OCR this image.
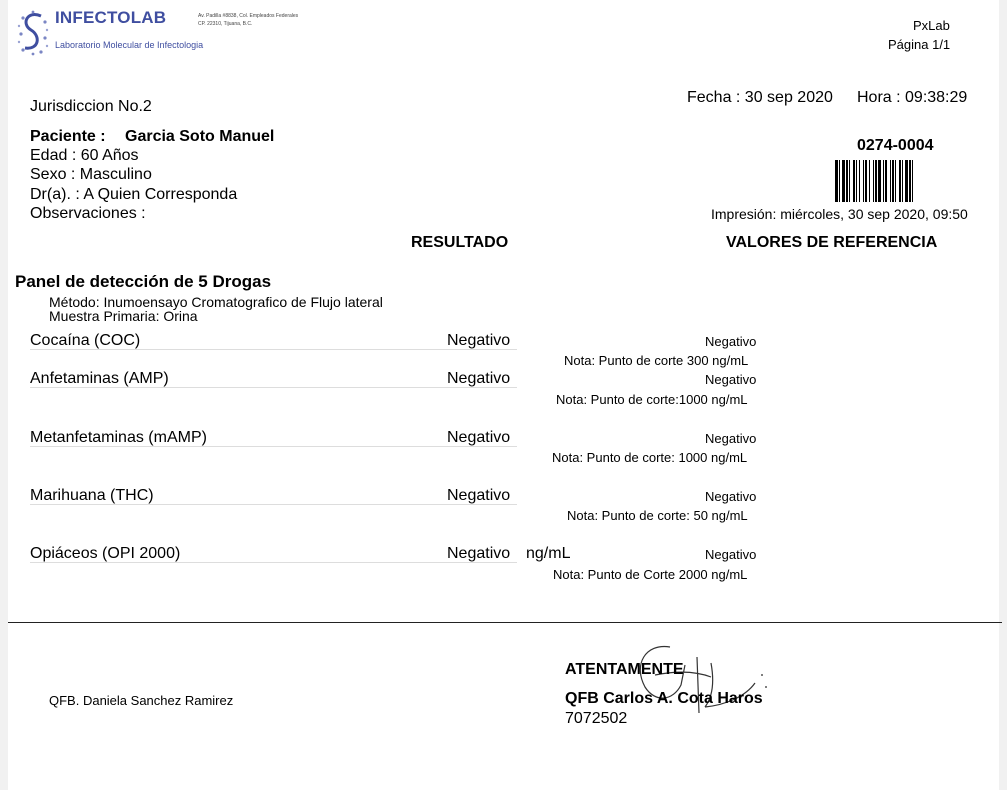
INFECTOLAB
Laboratorio Molecular de Infectologia
Av. Padilla #8838, Col. Empleados Federales
CP. 22310, Tijuana, B.C.	PxLab
Página 1/1
Jurisdiccion No.2
Fecha : 30 sep 2020 Hora : 09:38:29
Paciente : Garcia Soto Manuel
Edad : 60 Años
Sexo : Masculino
Dr(a). : A Quien Corresponda
Observaciones :
0274-0004
Impresión: miércoles, 30 sep 2020, 09:50
RESULTADO	VALORES DE REFERENCIA
Panel de detección de 5 Drogas
Método: Inumoensayo Cromatografico de Flujo lateral
Muestra Primaria: Orina
Cocaína (COC)	Negativo	Negativo
Nota: Punto de corte 300 ng/mL
Anfetaminas (AMP)	Negativo	Negativo
Nota: Punto de corte:1000 ng/mL
Metanfetaminas (mAMP)	Negativo	Negativo
Nota: Punto de corte: 1000 ng/mL
Marihuana (THC)	Negativo	Negativo
Nota: Punto de corte: 50 ng/mL
Opiáceos (OPI 2000)	Negativo ng/mL	Negativo
Nota: Punto de Corte 2000 ng/mL
QFB. Daniela Sanchez Ramirez
ATENTAMENTE
QFB Carlos A. Cota Haros
7072502
